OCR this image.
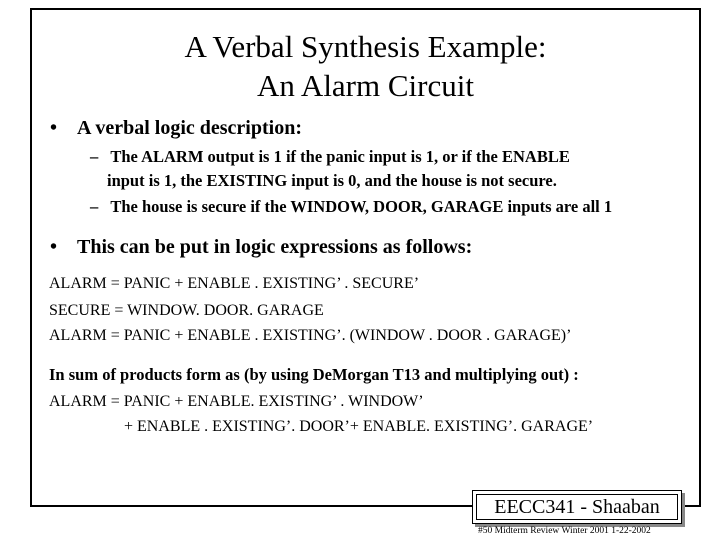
A Verbal Synthesis Example:
An Alarm Circuit
• A verbal logic description:
– The ALARM output is 1 if the panic input is 1, or if the ENABLE
input is 1, the EXISTING input is 0, and the house is not secure.
– The house is secure if the WINDOW, DOOR, GARAGE inputs are all 1
• This can be put in logic expressions as follows:
ALARM = PANIC + ENABLE . EXISTING’ . SECURE’
SECURE = WINDOW. DOOR. GARAGE
ALARM = PANIC + ENABLE . EXISTING’. (WINDOW . DOOR . GARAGE)’
In sum of products form as (by using DeMorgan T13 and multiplying out) :
ALARM = PANIC + ENABLE. EXISTING’ . WINDOW’
+ ENABLE . EXISTING’. DOOR’+ ENABLE. EXISTING’. GARAGE’
EECC341 - Shaaban
#50 Midterm Review Winter 2001 1-22-2002
